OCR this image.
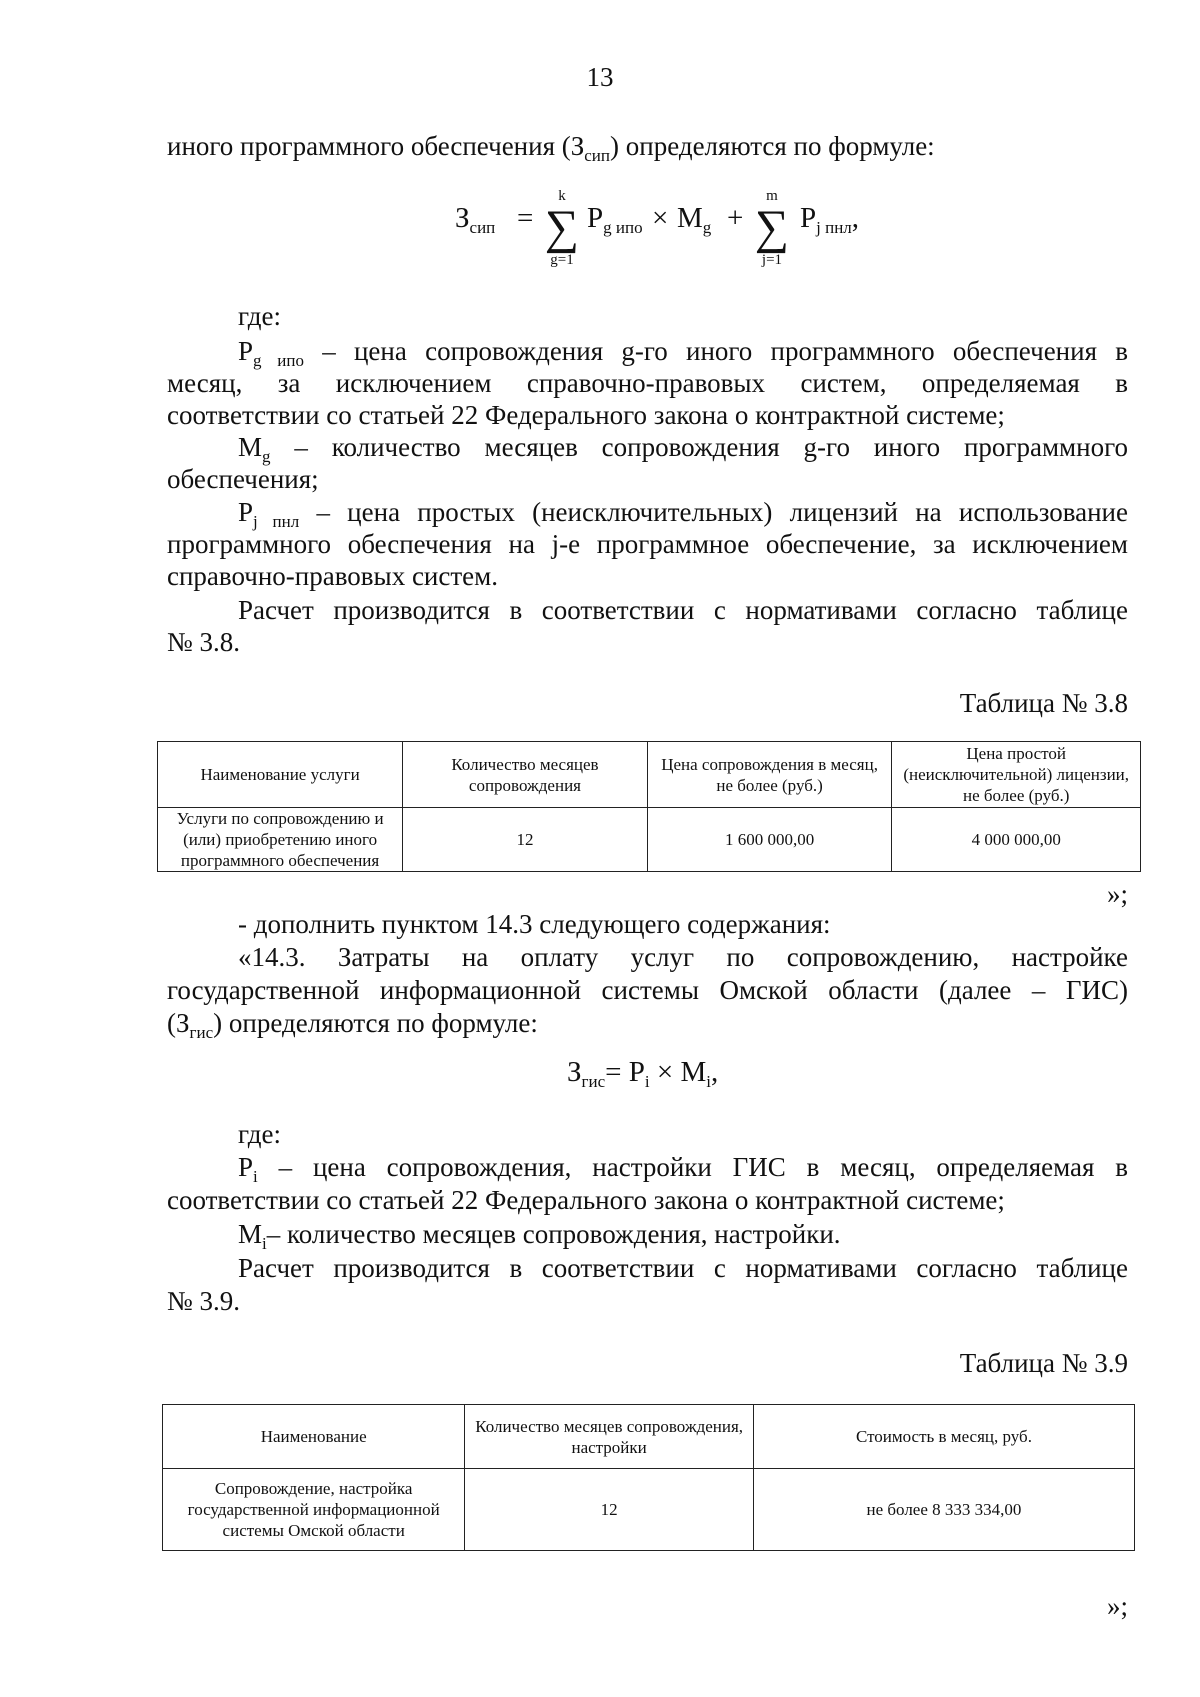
13
иного программного обеспечения $(З_{сип})$ определяются по формуле:
$З_{сип}$ =
k
∑
g=1
$P_{g ипо} \times M_g$ +
m
∑
j=1
$P_{j пнл}$,
где:
$P_{g ипо}$ – цена сопровождения g-го иного программного обеспечения в
месяц, за исключением справочно-правовых систем, определяемая в
соответствии со статьей 22 Федерального закона о контрактной системе;
$M_g$ – количество месяцев сопровождения g-го иного программного
обеспечения;
$P_{j пнл}$ – цена простых (неисключительных) лицензий на использование
программного обеспечения на j-е программное обеспечение, за исключением
справочно-правовых систем.
Расчет производится в соответствии с нормативами согласно таблице
№ 3.8.
Таблица № 3.8
Наименование услуги	Количество месяцев сопровождения	Цена сопровождения в месяц, не более (руб.)	Цена простой (неисключительной) лицензии, не более (руб.)
Услуги по сопровождению и (или) приобретению иного программного обеспечения	12	1 600 000,00	4 000 000,00
»;
- дополнить пунктом 14.3 следующего содержания:
«14.3. Затраты на оплату услуг по сопровождению, настройке
государственной информационной системы Омской области (далее – ГИС)
$(З_{гис})$ определяются по формуле:
$З_{гис}= P_i \times M_i$,
где:
$P_i$ – цена сопровождения, настройки ГИС в месяц, определяемая в
соответствии со статьей 22 Федерального закона о контрактной системе;
$M_i-$ количество месяцев сопровождения, настройки.
Расчет производится в соответствии с нормативами согласно таблице
№ 3.9.
Таблица № 3.9
Наименование	Количество месяцев сопровождения, настройки	Стоимость в месяц, руб.
Сопровождение, настройка государственной информационной системы Омской области	12	не более 8 333 334,00
»;
